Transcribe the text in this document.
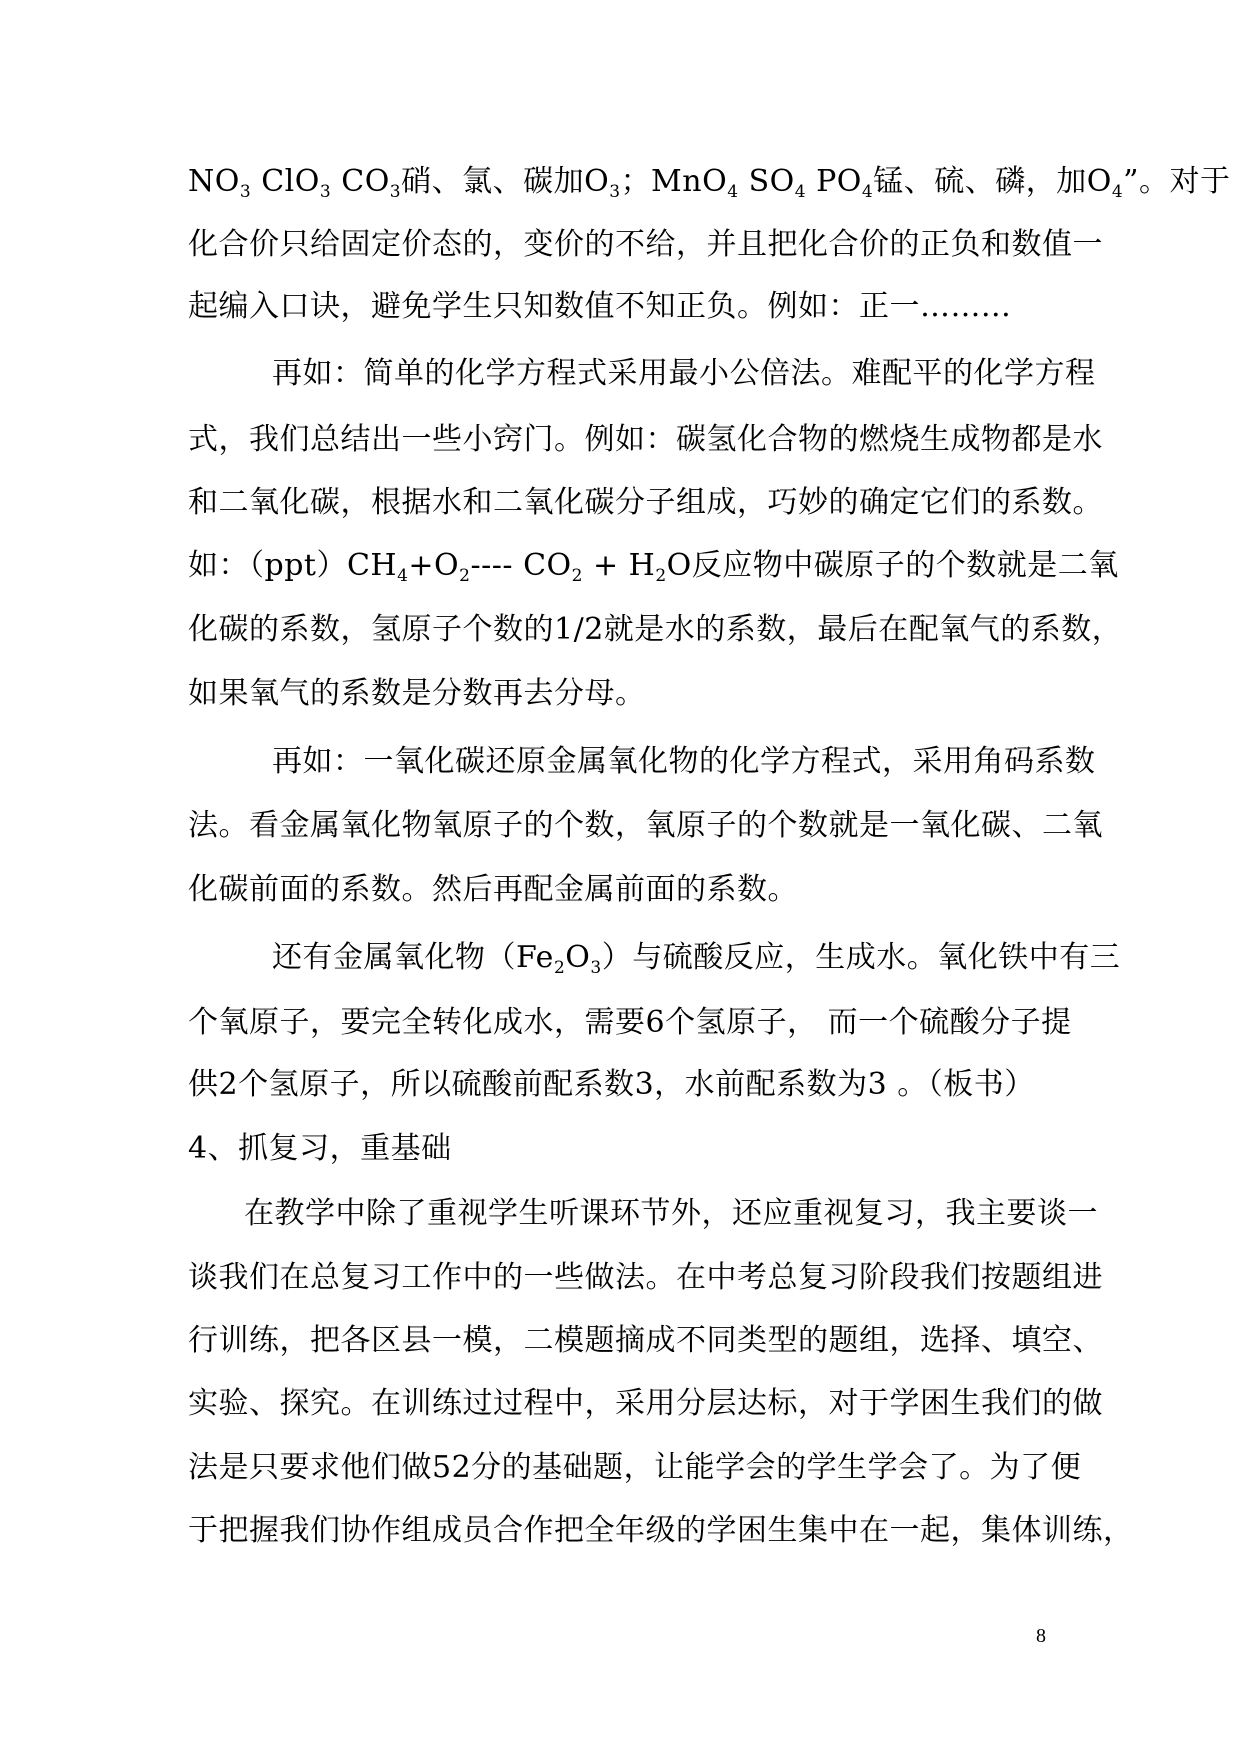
$NO_3$ ClO$_3$ $CO_3$硝、氯、碳加$O_3$；MnO$_4$ $SO_4$ $PO_4$锰、硫、磷，加$O_4$”。对于
化合价只给固定价态的，变价的不给，并且把化合价的正负和数值一
起编入口诀，避免学生只知数值不知正负。例如：正一……...
再如：简单的化学方程式采用最小公倍法。难配平的化学方程
式，我们总结出一些小窍门。例如：碳氢化合物的燃烧生成物都是水
和二氧化碳，根据水和二氧化碳分子组成，巧妙的确定它们的系数。
如：$(ppt)CH_4+O_2----$ $CO_2 + H_2O$反应物中碳原子的个数就是二氧
化碳的系数，氢原子个数的1/2就是水的系数，最后在配氧气的系数，
如果氧气的系数是分数再去分母。
再如：一氧化碳还原金属氧化物的化学方程式，采用角码系数
法。看金属氧化物氧原子的个数，氧原子的个数就是一氧化碳、二氧
化碳前面的系数。然后再配金属前面的系数。
还有金属氧化物$(Fe_2O_3)$与硫酸反应，生成水。氧化铁中有三
个氧原子，要完全转化成水，需要6个氢原子， 而一个硫酸分子提
供2个氢原子，所以硫酸前配系数3，水前配系数为3 。（板书）
4、抓复习，重基础
在教学中除了重视学生听课环节外，还应重视复习，我主要谈一
谈我们在总复习工作中的一些做法。在中考总复习阶段我们按题组进
行训练，把各区县一模，二模题摘成不同类型的题组，选择、填空、
实验、探究。在训练过过程中，采用分层达标，对于学困生我们的做
法是只要求他们做52分的基础题，让能学会的学生学会了。为了便
于把握我们协作组成员合作把全年级的学困生集中在一起，集体训练，
8
